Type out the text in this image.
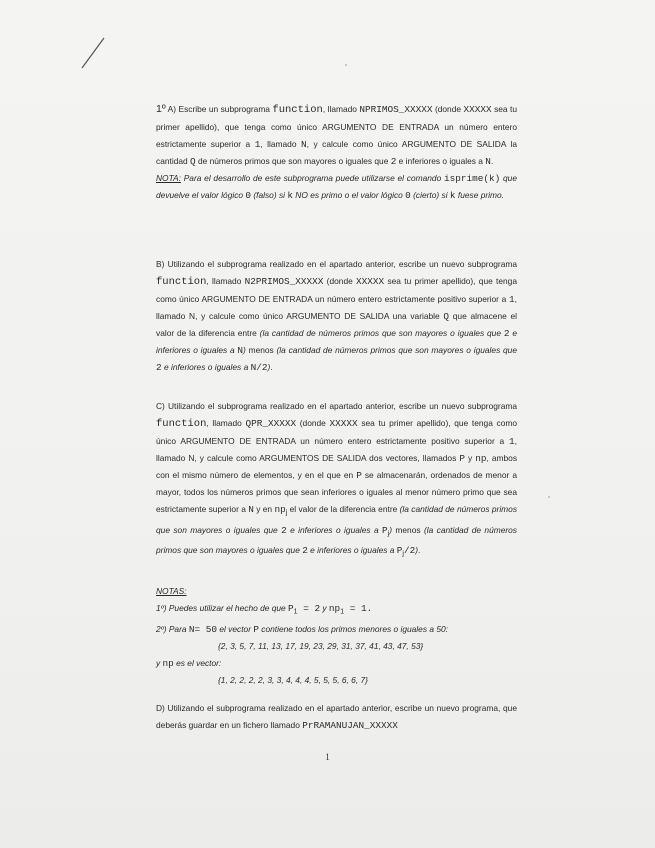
1º A) Escribe un subprograma function, llamado NPRIMOS_XXXXX (donde XXXXX sea tu primer apellido), que tenga como único ARGUMENTO DE ENTRADA un número entero estrictamente superior a 1, llamado N, y calcule como único ARGUMENTO DE SALIDA la cantidad Q de números primos que son mayores o iguales que 2 e inferiores o iguales a N.

NOTA: Para el desarrollo de este subprograma puede utilizarse el comando isprime(k) que devuelve el valor lógico 0 (falso) si k NO es primo o el valor lógico 0 (cierto) si k fuese primo.

B) Utilizando el subprograma realizado en el apartado anterior, escribe un nuevo subprograma function, llamado N2PRIMOS_XXXXX (donde XXXXX sea tu primer apellido), que tenga como único ARGUMENTO DE ENTRADA un número entero estrictamente positivo superior a 1, llamado N, y calcule como único ARGUMENTO DE SALIDA una variable Q que almacene el valor de la diferencia entre (la cantidad de números primos que son mayores o iguales que 2 e inferiores o iguales a N) menos (la cantidad de números primos que son mayores o iguales que 2 e inferiores o iguales a N/2).

C) Utilizando el subprograma realizado en el apartado anterior, escribe un nuevo subprograma function, llamado QPR_XXXXX (donde XXXXX sea tu primer apellido), que tenga como único ARGUMENTO DE ENTRADA un número entero estrictamente positivo superior a 1, llamado N, y calcule como ARGUMENTOS DE SALIDA dos vectores, llamados P y np, ambos con el mismo número de elementos, y en el que en P se almacenarán, ordenados de menor a mayor, todos los números primos que sean inferiores o iguales al menor número primo que sea estrictamente superior a N y en $np_j$ el valor de la diferencia entre (la cantidad de números primos que son mayores o iguales que 2 e inferiores o iguales a $P_j$) menos (la cantidad de números primos que son mayores o iguales que 2 e inferiores o iguales a $P_j/2$).

NOTAS:

1º) Puedes utilizar el hecho de que $P_1 = 2$ y $np_1 = 1$.

2º) Para N= 50 el vector P contiene todos los primos menores o iguales a 50:

{2, 3, 5, 7, 11, 13, 17, 19, 23, 29, 31, 37, 41, 43, 47, 53}

y np es el vector:

{1, 2, 2, 2, 2, 3, 3, 4, 4, 4, 5, 5, 5, 6, 6, 7}

D) Utilizando el subprograma realizado en el apartado anterior, escribe un nuevo programa, que deberás guardar en un fichero llamado PrRAMANUJAN_XXXXX

1
